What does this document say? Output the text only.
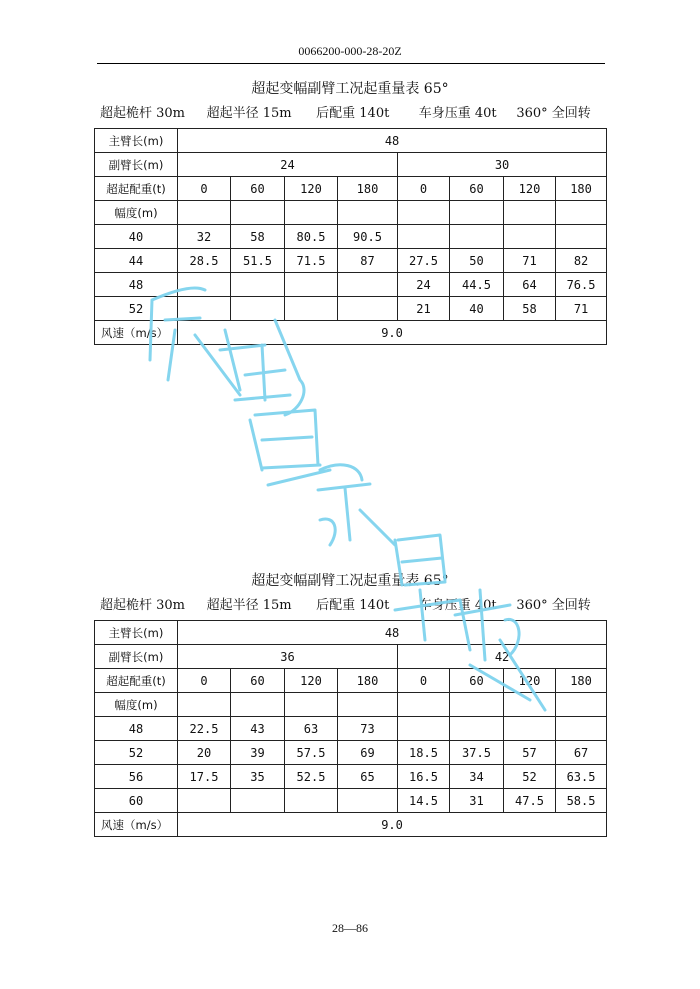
0066200-000-28-20Z
超起变幅副臂工况起重量表 65°
超起桅杆 30m	超起半径 15m	后配重 140t	车身压重 40t	360° 全回转
主臂长(m)	48							
副臂长(m)	24				30			
超起配重(t)	0	60	120	180	0	60	120	180
幅度(m)								
40	32	58	80.5	90.5				
44	28.5	51.5	71.5	87	27.5	50	71	82
48					24	44.5	64	76.5
52					21	40	58	71
风速（m/s）	9.0							
超起变幅副臂工况起重量表 65°
超起桅杆 30m	超起半径 15m	后配重 140t	车身压重 40t	360° 全回转
主臂长(m)	48							
副臂长(m)	36				42			
超起配重(t)	0	60	120	180	0	60	120	180
幅度(m)								
48	22.5	43	63	73				
52	20	39	57.5	69	18.5	37.5	57	67
56	17.5	35	52.5	65	16.5	34	52	63.5
60					14.5	31	47.5	58.5
风速（m/s）	9.0							
28—86
